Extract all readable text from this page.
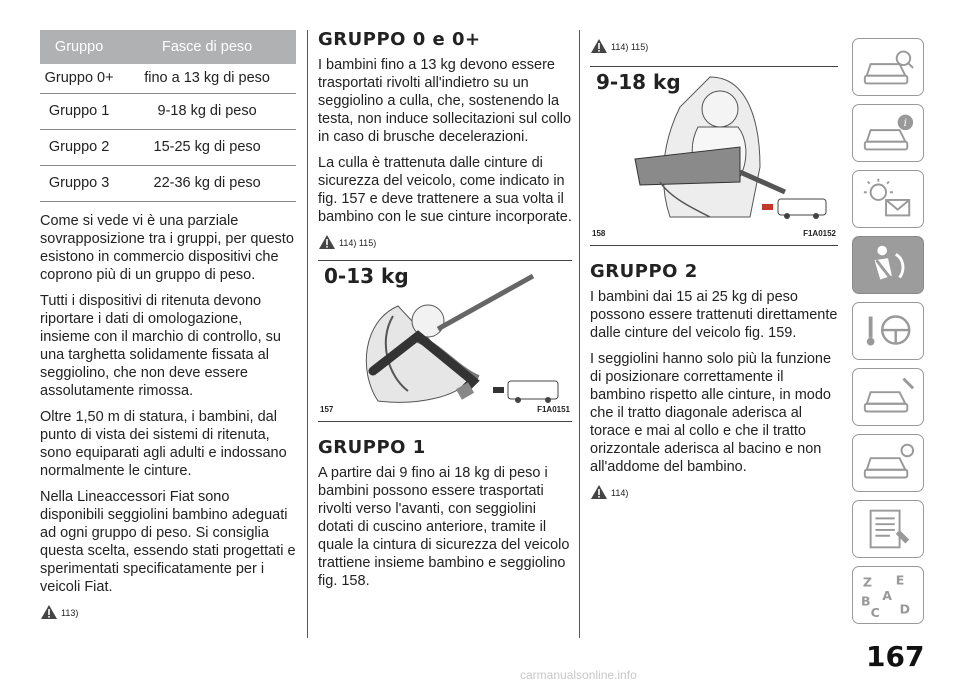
Gruppo	Fasce di peso
Gruppo 0+	fino a 13 kg di peso
Gruppo 1	9-18 kg di peso
Gruppo 2	15-25 kg di peso
Gruppo 3	22-36 kg di peso

Come si vede vi è una parziale sovrapposizione tra i gruppi, per questo esistono in commercio dispositivi che coprono più di un gruppo di peso.

Tutti i dispositivi di ritenuta devono riportare i dati di omologazione, insieme con il marchio di controllo, su una targhetta solidamente fissata al seggiolino, che non deve essere assolutamente rimossa.

Oltre 1,50 m di statura, i bambini, dal punto di vista dei sistemi di ritenuta, sono equiparati agli adulti e indossano normalmente le cinture.

Nella Lineaccessori Fiat sono disponibili seggiolini bambino adeguati ad ogni gruppo di peso. Si consiglia questa scelta, essendo stati progettati e sperimentati specificatamente per i veicoli Fiat.

113)
GRUPPO 0 e 0+

I bambini fino a 13 kg devono essere trasportati rivolti all'indietro su un seggiolino a culla, che, sostenendo la testa, non induce sollecitazioni sul collo in caso di brusche decelerazioni.

La culla è trattenuta dalle cinture di sicurezza del veicolo, come indicato in fig. 157 e deve trattenere a sua volta il bambino con le sue cinture incorporate.

114) 115)
0-13 kg
157	F1A0151
GRUPPO 1

A partire dai 9 fino ai 18 kg di peso i bambini possono essere trasportati rivolti verso l'avanti, con seggiolini dotati di cuscino anteriore, tramite il quale la cintura di sicurezza del veicolo trattiene insieme bambino e seggiolino fig. 158.

114) 115)
9-18 kg
158	F1A0152
GRUPPO 2

I bambini dai 15 ai 25 kg di peso possono essere trattenuti direttamente dalle cinture del veicolo fig. 159.

I seggiolini hanno solo più la funzione di posizionare correttamente il bambino rispetto alle cinture, in modo che il tratto diagonale aderisca al torace e mai al collo e che il tratto orizzontale aderisca al bacino e non all'addome del bambino.

114)
i
Z E
A
B
C D
167
carmanualsonline.info
